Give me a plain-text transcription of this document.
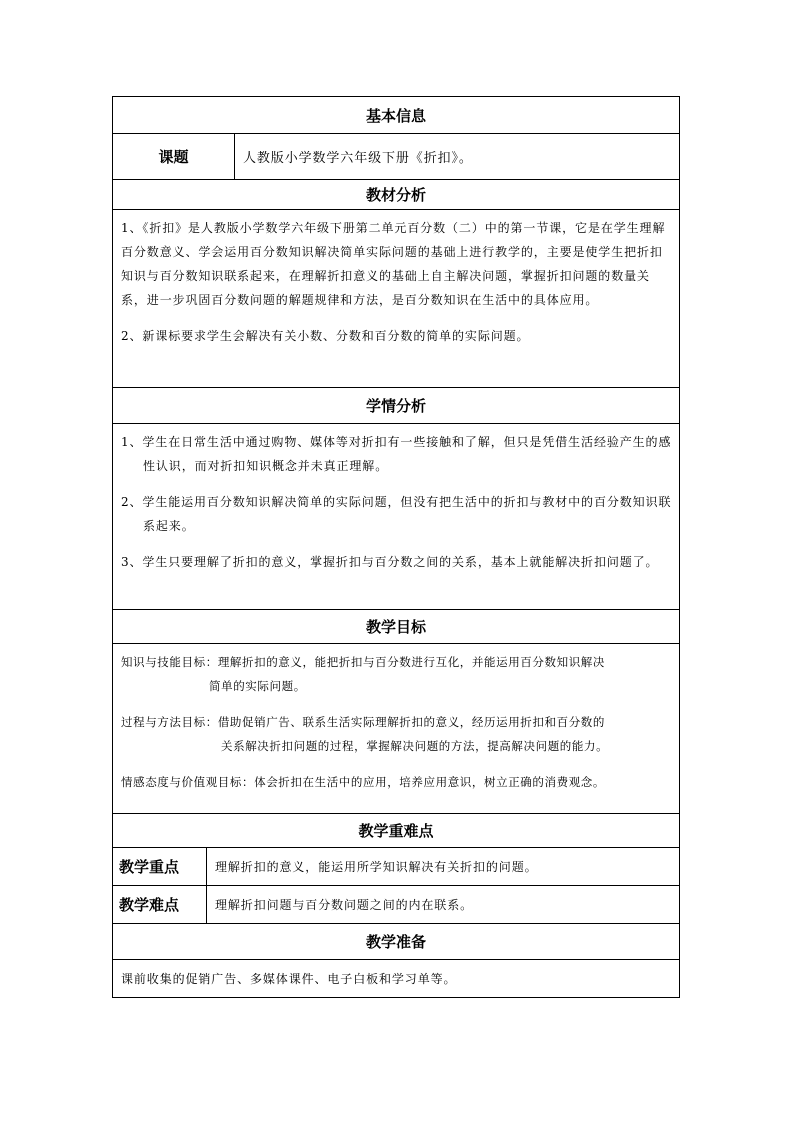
基本信息
课题	人教版小学数学六年级下册《折扣》。
教材分析

1、《折扣》是人教版小学数学六年级下册第二单元百分数（二）中的第一节课，它是在学生理解百分数意义、学会运用百分数知识解决简单实际问题的基础上进行教学的，主要是使学生把折扣知识与百分数知识联系起来，在理解折扣意义的基础上自主解决问题，掌握折扣问题的数量关系，进一步巩固百分数问题的解题规律和方法，是百分数知识在生活中的具体应用。

2、新课标要求学生会解决有关小数、分数和百分数的简单的实际问题。

学情分析

1、学生在日常生活中通过购物、媒体等对折扣有一些接触和了解，但只是凭借生活经验产生的感性认识，而对折扣知识概念并未真正理解。

2、学生能运用百分数知识解决简单的实际问题，但没有把生活中的折扣与教材中的百分数知识联系起来。

3、学生只要理解了折扣的意义，掌握折扣与百分数之间的关系，基本上就能解决折扣问题了。

教学目标

知识与技能目标：理解折扣的意义，能把折扣与百分数进行互化，并能运用百分数知识解决
简单的实际问题。

过程与方法目标：借助促销广告、联系生活实际理解折扣的意义，经历运用折扣和百分数的
关系解决折扣问题的过程，掌握解决问题的方法，提高解决问题的能力。

情感态度与价值观目标：体会折扣在生活中的应用，培养应用意识，树立正确的消费观念。

教学重难点
教学重点	理解折扣的意义，能运用所学知识解决有关折扣的问题。
教学难点	理解折扣问题与百分数问题之间的内在联系。
教学准备
课前收集的促销广告、多媒体课件、电子白板和学习单等。
